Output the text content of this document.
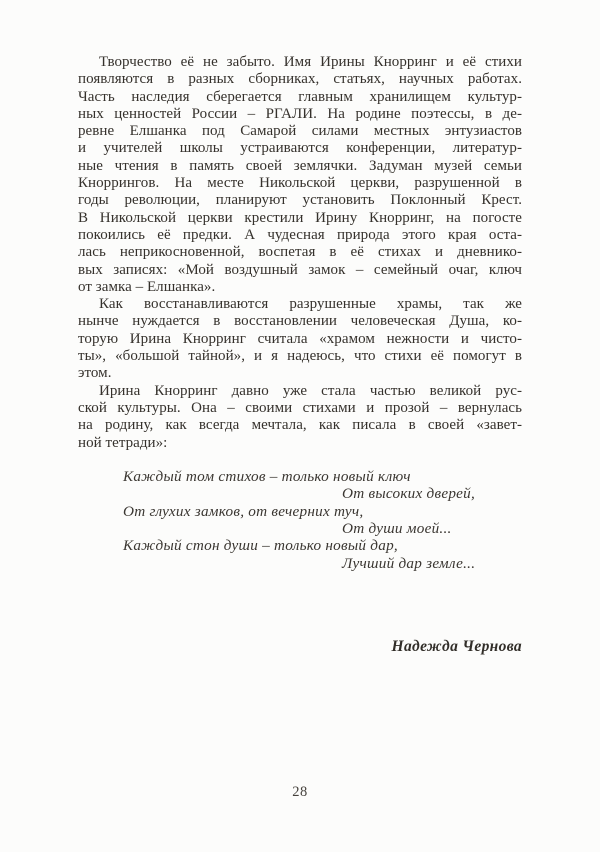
Творчество её не забыто. Имя Ирины Кнорринг и её стихи
появляются в разных сборниках, статьях, научных работах.
Часть наследия сберегается главным хранилищем культур-
ных ценностей России – РГАЛИ. На родине поэтессы, в де-
ревне Елшанка под Самарой силами местных энтузиастов
и учителей школы устраиваются конференции, литератур-
ные чтения в память своей землячки. Задуман музей семьи
Кноррингов. На месте Никольской церкви, разрушенной в
годы революции, планируют установить Поклонный Крест.
В Никольской церкви крестили Ирину Кнорринг, на погосте
покоились её предки. А чудесная природа этого края оста-
лась неприкосновенной, воспетая в её стихах и дневнико-
вых записях: «Мой воздушный замок – семейный очаг, ключ
от замка – Елшанка».
Как восстанавливаются разрушенные храмы, так же
нынче нуждается в восстановлении человеческая Душа, ко-
торую Ирина Кнорринг считала «храмом нежности и чисто-
ты», «большой тайной», и я надеюсь, что стихи её помогут в
этом.
Ирина Кнорринг давно уже стала частью великой рус-
ской культуры. Она – своими стихами и прозой – вернулась
на родину, как всегда мечтала, как писала в своей «завет-
ной тетради»:
Каждый том стихов – только новый ключ
От высоких дверей,
От глухих замков, от вечерних туч,
От души моей...
Каждый стон души – только новый дар,
Лучший дар земле...
Надежда Чернова
28
